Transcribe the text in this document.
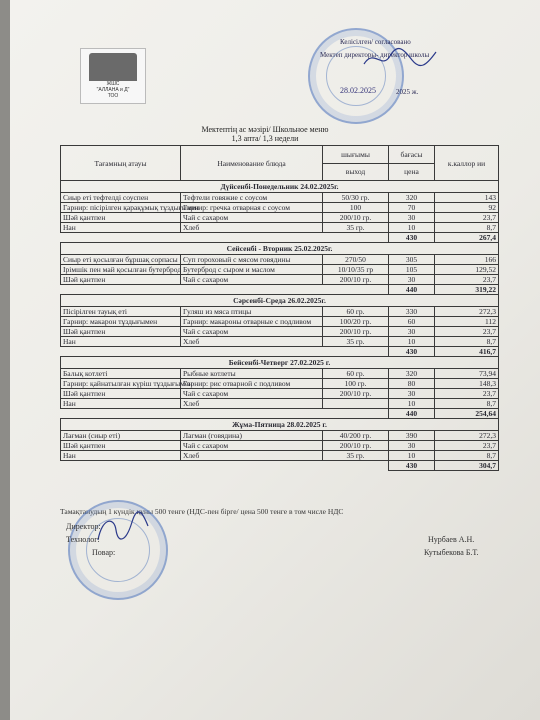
ЖШС
"АЛЛАНА и Д"
ТОО
Келісілген/ согласовано
Мектеп директоры- директор школы
28.02.2025	2025 ж.
Мектептің ас мәзірі/ Школьное меню
1,3 апта/ 1,3 недели
Тағамның атауы	Наименование блюда	шығымы	бағасы	к.каллор ии
		выход	цена	
Дүйсенбі-Понедельник 24.02.2025г.				
Сиыр еті тефтелді соуспен	Тефтели говяжие с соусом	50/30 гр.	320	143
Гарнир: пісірілген қарақұмық тұздығымен	Гарнир: гречка отварная с соусом	100	70	92
Шәй қантпен	Чай с сахаром	200/10 гр.	30	23,7
Нан	Хлеб	35 гр.	10	8,7
			430	267,4
Сейсенбі - Вторник 25.02.2025г.				
Сиыр еті қосылған бұршақ сорпасы	Суп гороховый с мясом говядины	270/50	305	166
Ірімшік пен май қосылған бутерброд	Бутерброд с сыром и маслом	10/10/35 гр	105	129,52
Шәй қантпен	Чай с сахаром	200/10 гр.	30	23,7
			440	319,22
Сәрсенбі-Среда 26.02.2025г.				
Пісірілген тауық еті	Гуляш из мяса птицы	60 гр.	330	272,3
Гарнир: макарон тұздығымен	Гарнир: макароны отварные с подливом	100/20 гр.	60	112
Шәй қантпен	Чай с сахаром	200/10 гр.	30	23,7
Нан	Хлеб	35 гр.	10	8,7
			430	416,7
Бейсенбі-Четверг 27.02.2025 г.				
Балық котлеті	Рыбные котлеты	60 гр.	320	73,94
Гарнир: қайнатылған күріш тұздығымен	Гарнир: рис отварной с подливом	100 гр.	80	148,3
Шәй қантпен	Чай с сахаром	200/10 гр.	30	23,7
Нан	Хлеб		10	8,7
			440	254,64
Жұма-Пятница 28.02.2025 г.				
Лағман (сиыр еті)	Лагман (говядина)	40/200 гр.	390	272,3
Шәй қантпен	Чай с сахаром	200/10 гр.	30	23,7
Нан	Хлеб	35 гр.	10	8,7
			430	304,7
Тамақтанудың 1 күндік құны 500 тенге (НДС-пен бірге/ цена 500 тенге в том числе НДС
Директор:
Технолог:
Повар:
Нурбаев А.Н.
Кутыбекова Б.Т.
